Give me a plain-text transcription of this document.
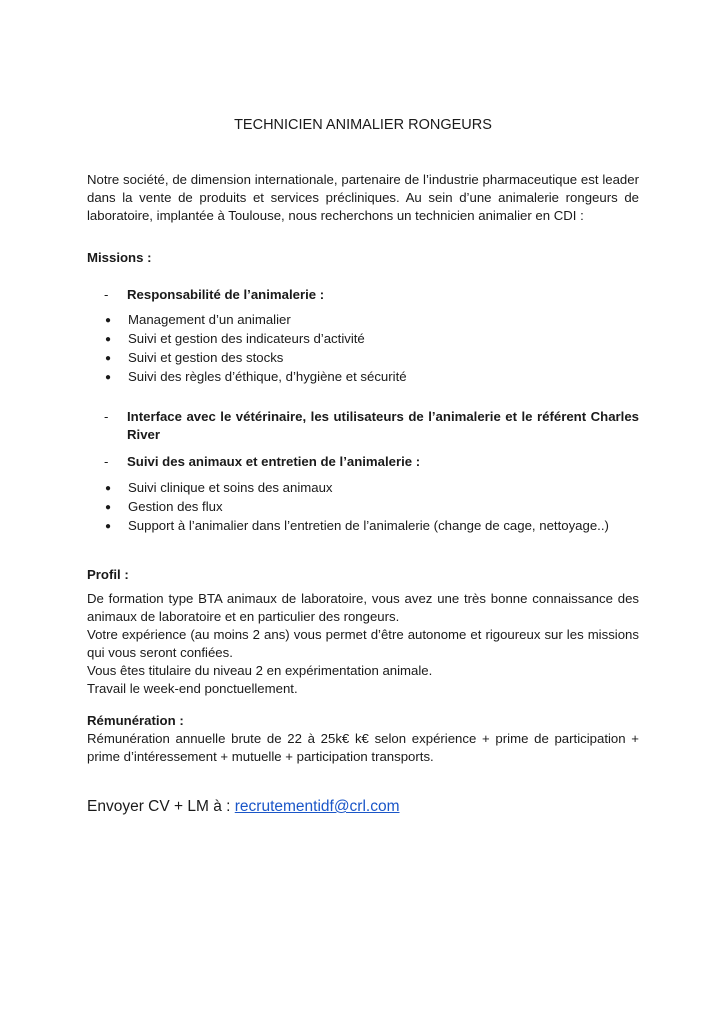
TECHNICIEN ANIMALIER RONGEURS
Notre société, de dimension internationale, partenaire de l’industrie pharmaceutique est leader dans la vente de produits et services précliniques. Au sein d’une animalerie rongeurs de laboratoire, implantée à Toulouse, nous recherchons un technicien animalier en CDI :
Missions :
-	Responsabilité de l’animalerie :
●	Management d’un animalier
●	Suivi et gestion des indicateurs d’activité
●	Suivi et gestion des stocks
●	Suivi des règles d’éthique, d’hygiène et sécurité
-	Interface avec le vétérinaire, les utilisateurs de l’animalerie et le référent Charles River
-	Suivi des animaux et entretien de l’animalerie :
●	Suivi clinique et soins des animaux
●	Gestion des flux
●	Support à l’animalier dans l’entretien de l’animalerie (change de cage, nettoyage..)
Profil :
De formation type BTA animaux de laboratoire, vous avez une très bonne connaissance des animaux de laboratoire et en particulier des rongeurs.
Votre expérience (au moins 2 ans) vous permet d’être autonome et rigoureux sur les missions qui vous seront confiées.
Vous êtes titulaire du niveau 2 en expérimentation animale.
Travail le week-end ponctuellement.
Rémunération :
Rémunération annuelle brute de 22 à 25k€ k€ selon expérience + prime de participation + prime d’intéressement + mutuelle + participation transports.
Envoyer CV + LM à : recrutementidf@crl.com
